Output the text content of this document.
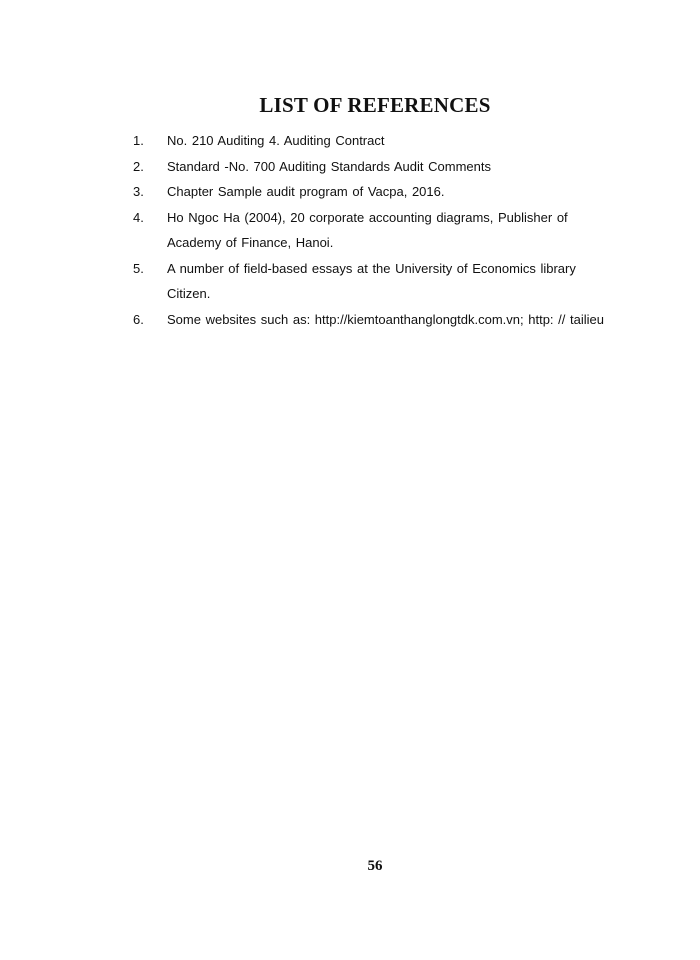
LIST OF REFERENCES
1. No. 210 Auditing 4. Auditing Contract
2. Standard -No. 700 Auditing Standards Audit Comments
3. Chapter Sample audit program of Vacpa, 2016.
4. Ho Ngoc Ha (2004), 20 corporate accounting diagrams, Publisher of Academy of Finance, Hanoi.
5. A number of field-based essays at the University of Economics library Citizen.
6. Some websites such as: http://kiemtoanthanglongtdk.com.vn; http: // tailieu
56
